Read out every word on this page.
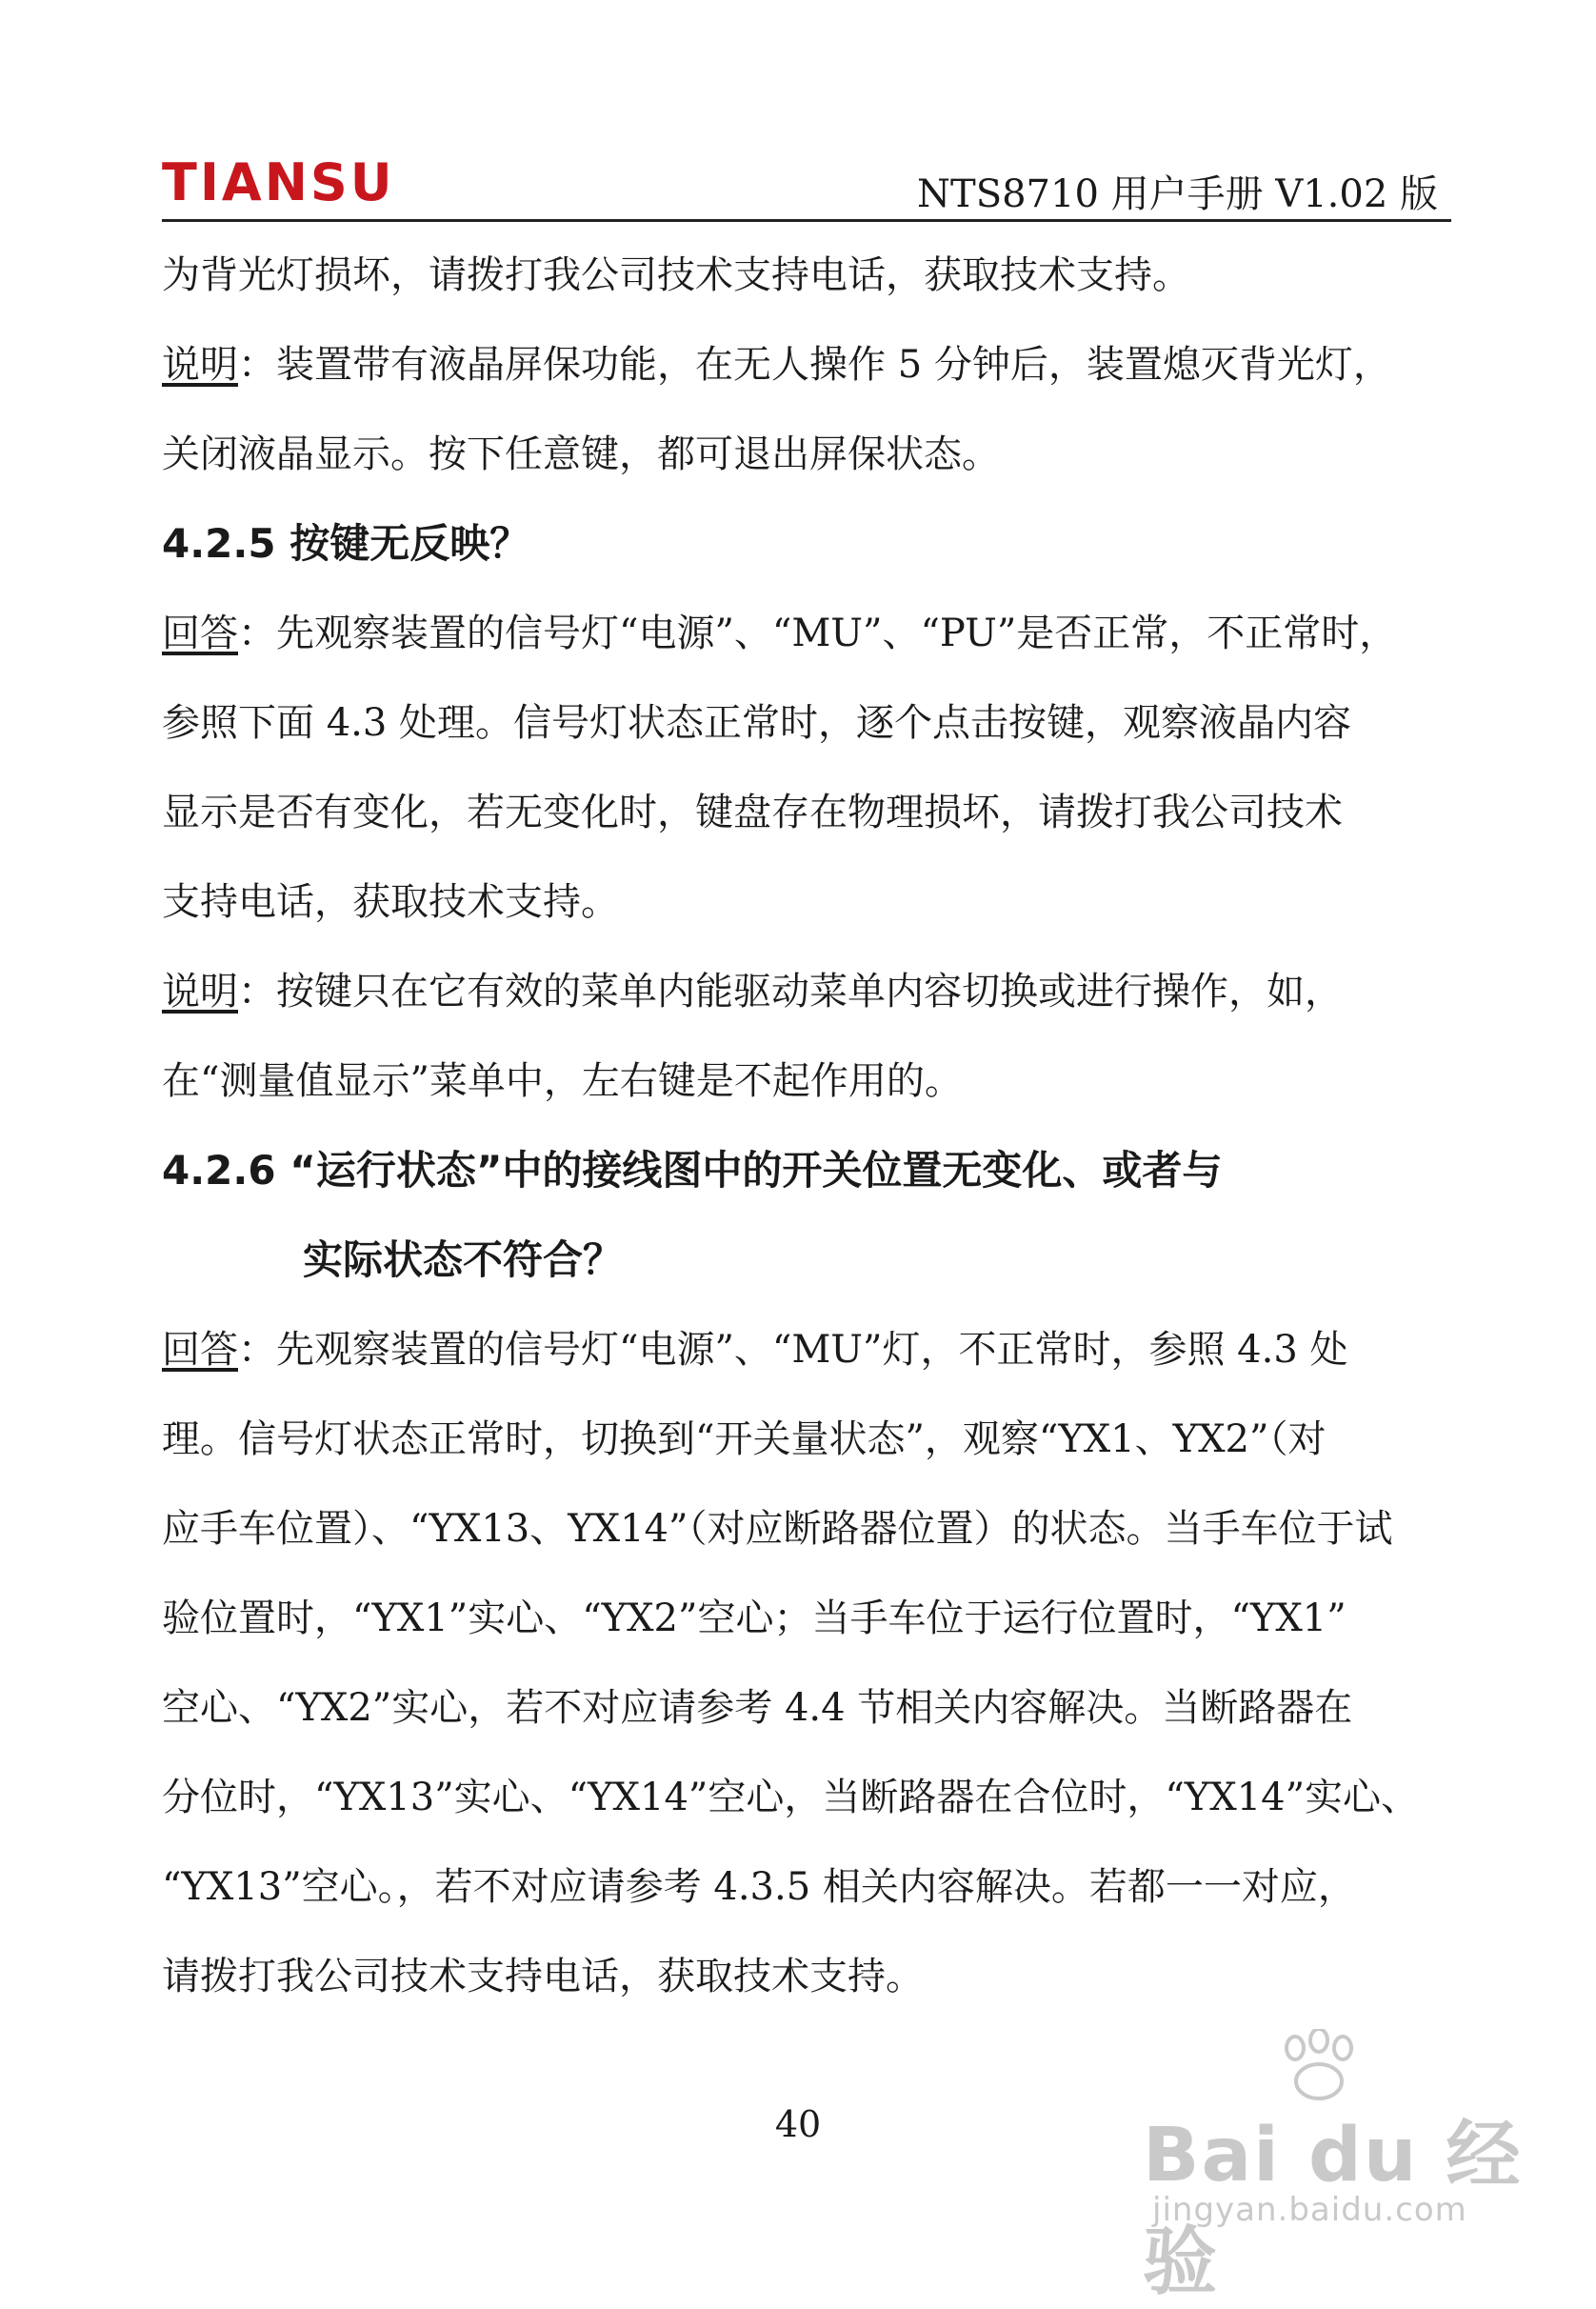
TIANSU	NTS8710 用户手册 V1.02 版

为背光灯损坏，请拨打我公司技术支持电话，获取技术支持。

说明：装置带有液晶屏保功能，在无人操作 5 分钟后，装置熄灭背光灯，
关闭液晶显示。按下任意键，都可退出屏保状态。

4.2.5 按键无反映？

回答：先观察装置的信号灯“电源”、“MU”、“PU”是否正常，不正常时，
参照下面 4.3 处理。信号灯状态正常时，逐个点击按键，观察液晶内容
显示是否有变化，若无变化时，键盘存在物理损坏，请拨打我公司技术
支持电话，获取技术支持。

说明：按键只在它有效的菜单内能驱动菜单内容切换或进行操作，如，
在“测量值显示”菜单中，左右键是不起作用的。

4.2.6 “运行状态”中的接线图中的开关位置无变化、或者与
实际状态不符合？

回答：先观察装置的信号灯“电源”、“MU”灯，不正常时，参照 4.3 处
理。信号灯状态正常时，切换到“开关量状态”，观察“YX1、YX2”（对
应手车位置）、“YX13、YX14”（对应断路器位置）的状态。当手车位于试
验位置时，“YX1”实心、“YX2”空心；当手车位于运行位置时，“YX1”
空心、“YX2”实心，若不对应请参考 4.4 节相关内容解决。当断路器在
分位时，“YX13”实心、“YX14”空心，当断路器在合位时，“YX14”实心、
“YX13”空心。，若不对应请参考 4.3.5 相关内容解决。若都一一对应，
请拨打我公司技术支持电话，获取技术支持。

40	Bai du 经验
jingyan.baidu.com
